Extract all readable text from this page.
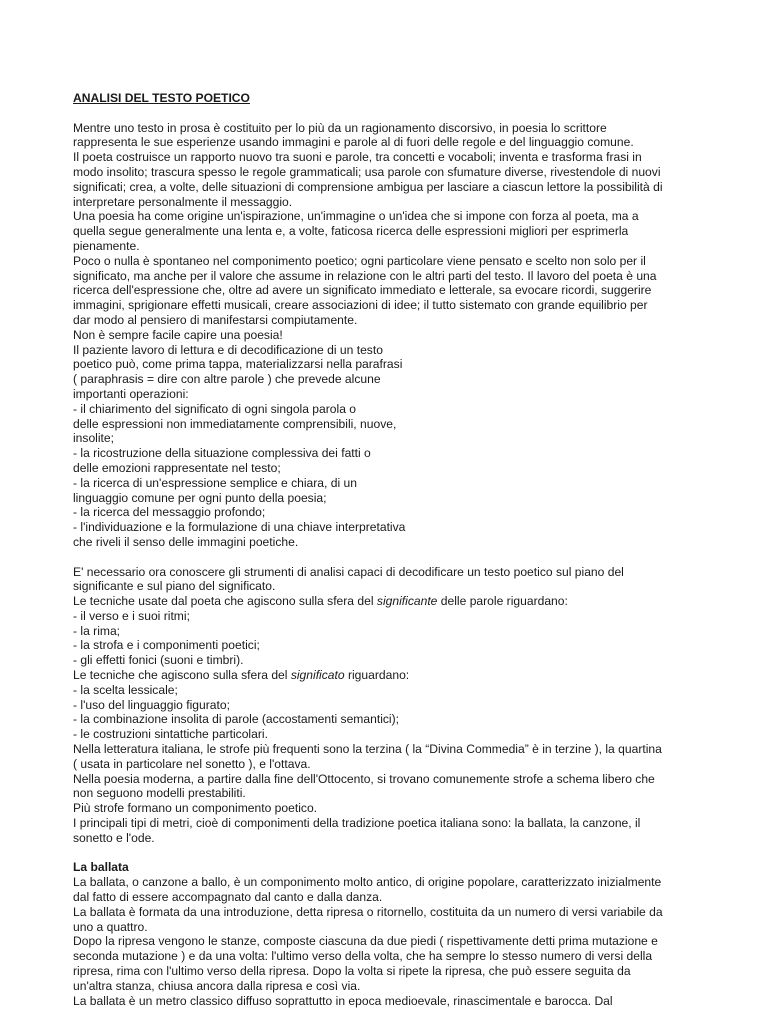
ANALISI DEL TESTO POETICO
Mentre uno testo in prosa è costituito per lo più da un ragionamento discorsivo, in poesia lo scrittore
rappresenta le sue esperienze usando immagini e parole al di fuori delle regole e del linguaggio comune.
Il poeta costruisce un rapporto nuovo tra suoni e parole, tra concetti e vocaboli; inventa e trasforma frasi in
modo insolito; trascura spesso le regole grammaticali; usa parole con sfumature diverse, rivestendole di nuovi
significati; crea, a volte, delle situazioni di comprensione ambigua per lasciare a ciascun lettore la possibilità di
interpretare personalmente il messaggio.
Una poesia ha come origine un'ispirazione, un'immagine o un'idea che si impone con forza al poeta, ma a
quella segue generalmente una lenta e, a volte, faticosa ricerca delle espressioni migliori per esprimerla
pienamente.
Poco o nulla è spontaneo nel componimento poetico; ogni particolare viene pensato e scelto non solo per il
significato, ma anche per il valore che assume in relazione con le altri parti del testo. Il lavoro del poeta è una
ricerca dell'espressione che, oltre ad avere un significato immediato e letterale, sa evocare ricordi, suggerire
immagini, sprigionare effetti musicali, creare associazioni di idee; il tutto sistemato con grande equilibrio per
dar modo al pensiero di manifestarsi compiutamente.
Non è sempre facile capire una poesia!
Il paziente lavoro di lettura e di decodificazione di un testo
poetico può, come prima tappa, materializzarsi nella parafrasi
( paraphrasis = dire con altre parole ) che prevede alcune
importanti operazioni:
- il chiarimento del significato di ogni singola parola o
delle espressioni non immediatamente comprensibili, nuove,
insolite;
- la ricostruzione della situazione complessiva dei fatti o
delle emozioni rappresentate nel testo;
- la ricerca di un'espressione semplice e chiara, di un
linguaggio comune per ogni punto della poesia;
- la ricerca del messaggio profondo;
- l'individuazione e la formulazione di una chiave interpretativa
che riveli il senso delle immagini poetiche.
E' necessario ora conoscere gli strumenti di analisi capaci di decodificare un testo poetico sul piano del
significante e sul piano del significato.
Le tecniche usate dal poeta che agiscono sulla sfera del significante delle parole riguardano:
- il verso e i suoi ritmi;
- la rima;
- la strofa e i componimenti poetici;
- gli effetti fonici (suoni e timbri).
Le tecniche che agiscono sulla sfera del significato riguardano:
- la scelta lessicale;
- l'uso del linguaggio figurato;
- la combinazione insolita di parole (accostamenti semantici);
- le costruzioni sintattiche particolari.
Nella letteratura italiana, le strofe più frequenti sono la terzina ( la “Divina Commedia” è in terzine ), la quartina
( usata in particolare nel sonetto ), e l'ottava.
Nella poesia moderna, a partire dalla fine dell'Ottocento, si trovano comunemente strofe a schema libero che
non seguono modelli prestabiliti.
Più strofe formano un componimento poetico.
I principali tipi di metri, cioè di componimenti della tradizione poetica italiana sono: la ballata, la canzone, il
sonetto e l'ode.
La ballata
La ballata, o canzone a ballo, è un componimento molto antico, di origine popolare, caratterizzato inizialmente
dal fatto di essere accompagnato dal canto e dalla danza.
La ballata è formata da una introduzione, detta ripresa o ritornello, costituita da un numero di versi variabile da
uno a quattro.
Dopo la ripresa vengono le stanze, composte ciascuna da due piedi ( rispettivamente detti prima mutazione e
seconda mutazione ) e da una volta: l'ultimo verso della volta, che ha sempre lo stesso numero di versi della
ripresa, rima con l'ultimo verso della ripresa. Dopo la volta si ripete la ripresa, che può essere seguita da
un'altra stanza, chiusa ancora dalla ripresa e così via.
La ballata è un metro classico diffuso soprattutto in epoca medioevale, rinascimentale e barocca. Dal
